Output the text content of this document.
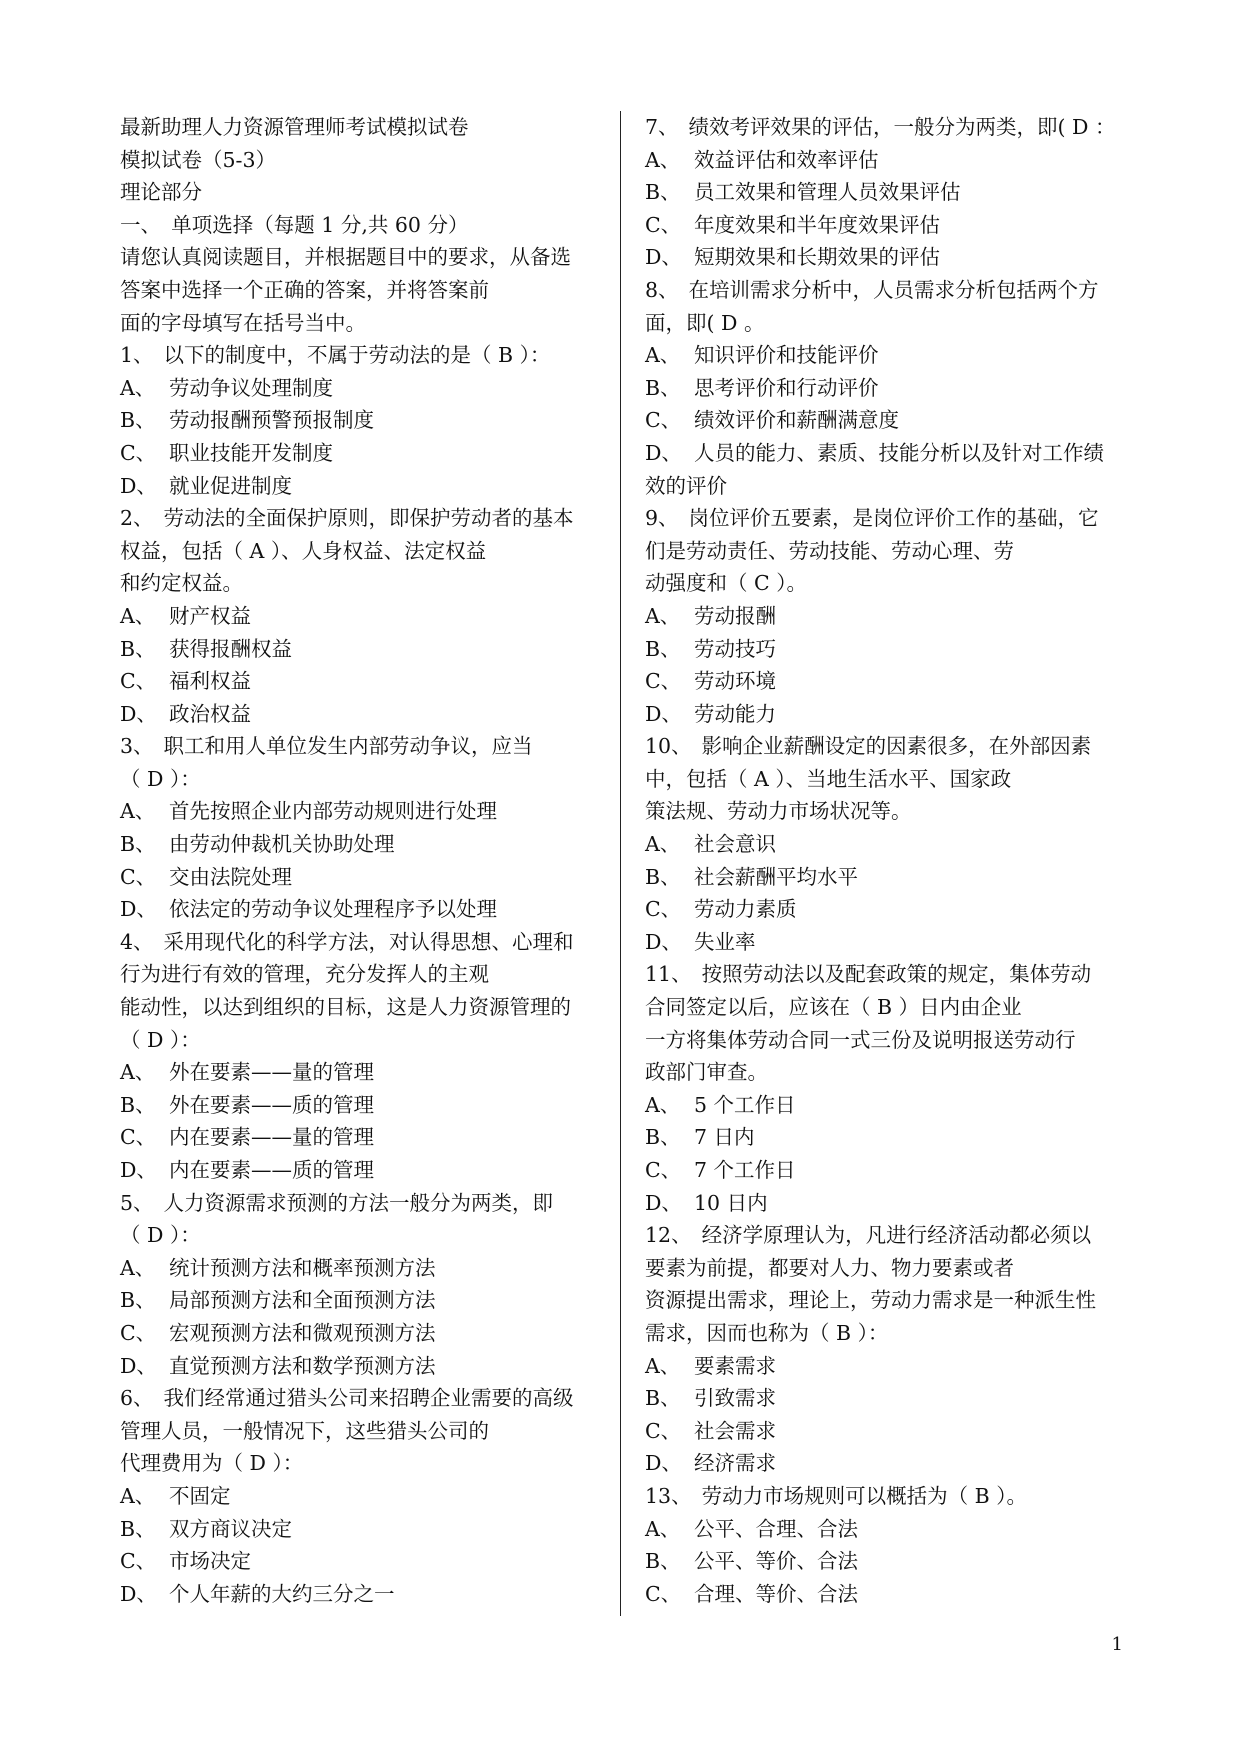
最新助理人力资源管理师考试模拟试卷
模拟试卷（5-3）
理论部分
一、　单项选择（每题 1 分,共 60 分）
请您认真阅读题目，并根据题目中的要求，从备选
答案中选择一个正确的答案，并将答案前
面的字母填写在括号当中。
1、 以下的制度中，不属于劳动法的是（ B ）：
A、 劳动争议处理制度
B、 劳动报酬预警预报制度
C、 职业技能开发制度
D、 就业促进制度
2、 劳动法的全面保护原则，即保护劳动者的基本
权益，包括（ A ）、人身权益、法定权益
和约定权益。
A、 财产权益
B、 获得报酬权益
C、 福利权益
D、 政治权益
3、 职工和用人单位发生内部劳动争议，应当
（ D ）：
A、 首先按照企业内部劳动规则进行处理
B、 由劳动仲裁机关协助处理
C、 交由法院处理
D、 依法定的劳动争议处理程序予以处理
4、 采用现代化的科学方法，对认得思想、心理和
行为进行有效的管理，充分发挥人的主观
能动性，以达到组织的目标，这是人力资源管理的
（ D ）：
A、 外在要素——量的管理
B、 外在要素——质的管理
C、 内在要素——量的管理
D、 内在要素——质的管理
5、 人力资源需求预测的方法一般分为两类，即
（ D ）：
A、 统计预测方法和概率预测方法
B、 局部预测方法和全面预测方法
C、 宏观预测方法和微观预测方法
D、 直觉预测方法和数学预测方法
6、 我们经常通过猎头公司来招聘企业需要的高级
管理人员，一般情况下，这些猎头公司的
代理费用为（ D ）：
A、 不固定
B、 双方商议决定
C、 市场决定
D、 个人年薪的大约三分之一
7、 绩效考评效果的评估，一般分为两类，即( D ：
A、 效益评估和效率评估
B、 员工效果和管理人员效果评估
C、 年度效果和半年度效果评估
D、 短期效果和长期效果的评估
8、 在培训需求分析中，人员需求分析包括两个方
面，即( D 。
A、 知识评价和技能评价
B、 思考评价和行动评价
C、 绩效评价和薪酬满意度
D、 人员的能力、素质、技能分析以及针对工作绩
效的评价
9、 岗位评价五要素，是岗位评价工作的基础，它
们是劳动责任、劳动技能、劳动心理、劳
动强度和（ C ）。
A、 劳动报酬
B、 劳动技巧
C、 劳动环境
D、 劳动能力
10、 影响企业薪酬设定的因素很多，在外部因素
中，包括（ A ）、当地生活水平、国家政
策法规、劳动力市场状况等。
A、 社会意识
B、 社会薪酬平均水平
C、 劳动力素质
D、 失业率
11、 按照劳动法以及配套政策的规定，集体劳动
合同签定以后，应该在（ B ）日内由企业
一方将集体劳动合同一式三份及说明报送劳动行
政部门审查。
A、 5 个工作日
B、 7 日内
C、 7 个工作日
D、 10 日内
12、 经济学原理认为，凡进行经济活动都必须以
要素为前提，都要对人力、物力要素或者
资源提出需求，理论上，劳动力需求是一种派生性
需求，因而也称为（ B ）：
A、 要素需求
B、 引致需求
C、 社会需求
D、 经济需求
13、 劳动力市场规则可以概括为（ B ）。
A、 公平、合理、合法
B、 公平、等价、合法
C、 合理、等价、合法
1
